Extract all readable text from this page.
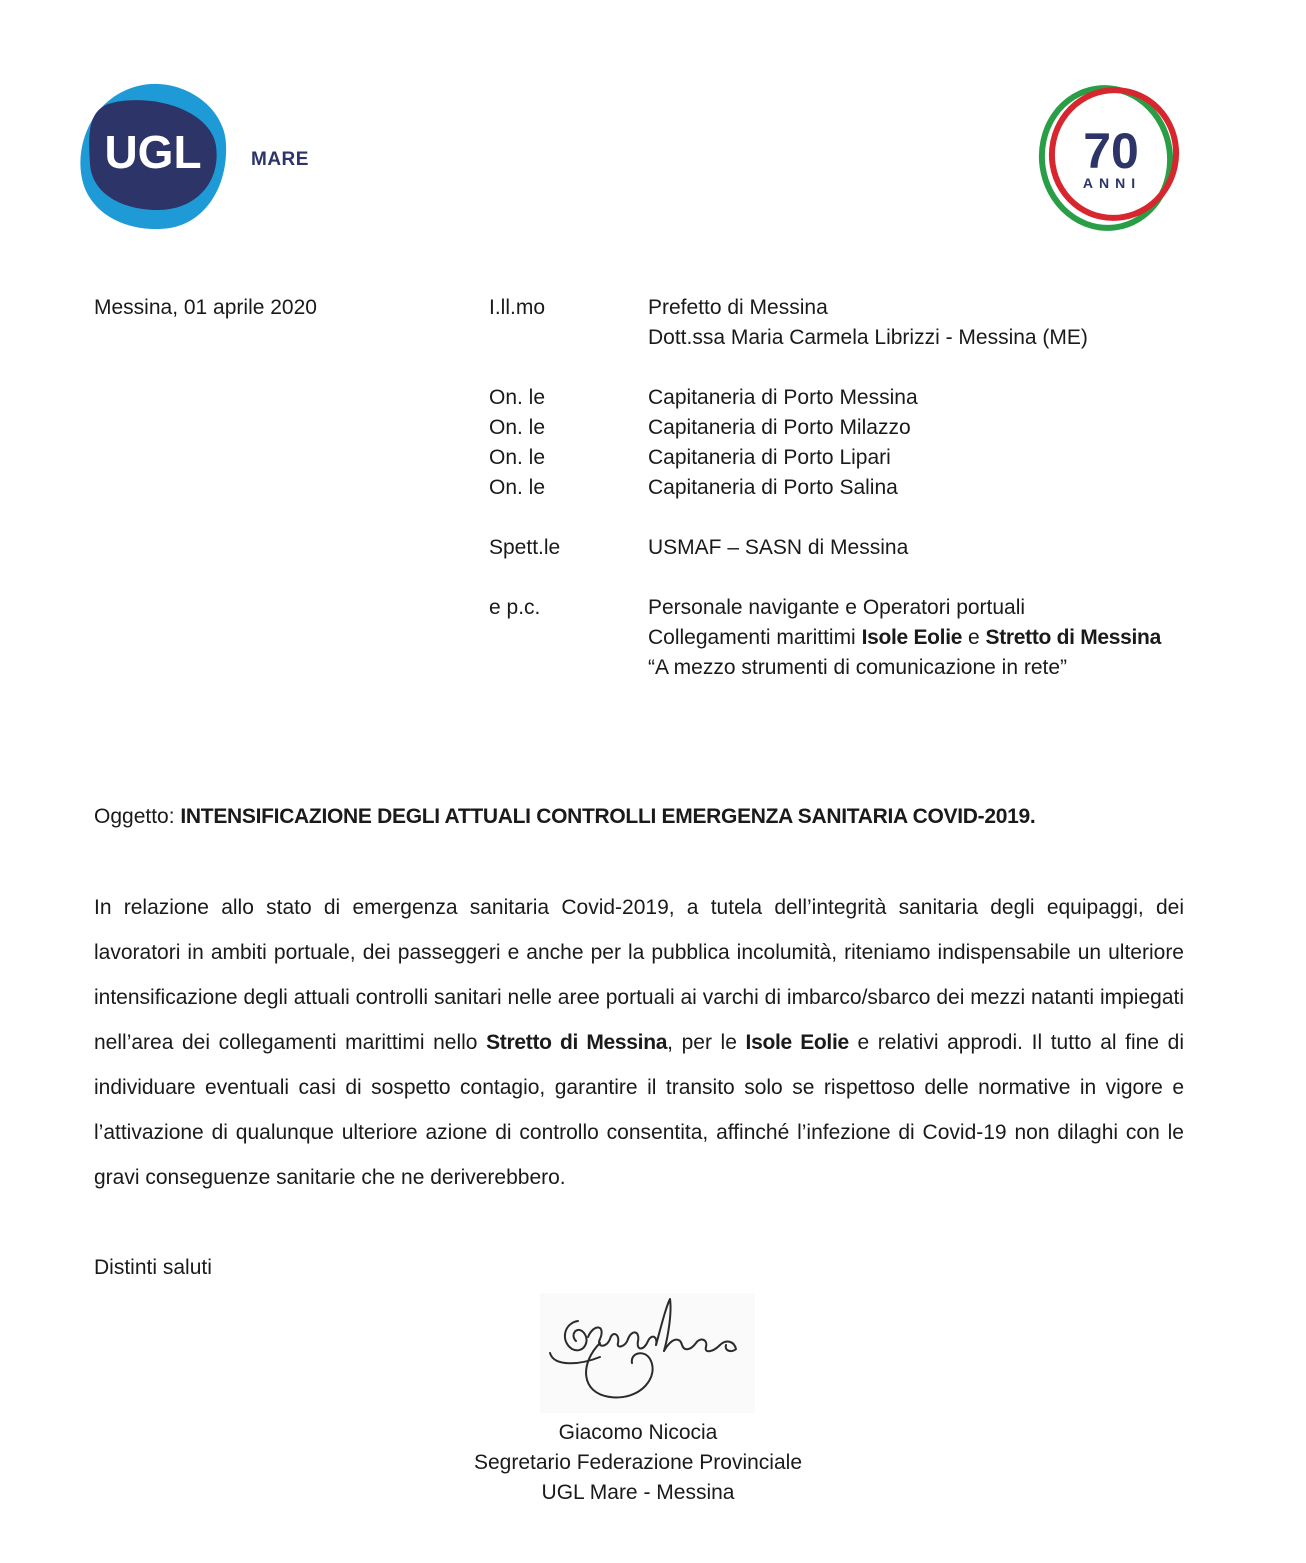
UGL	MARE	70
ANNI
Messina, 01 aprile 2020	I.ll.mo	Prefetto di Messina
Dott.ssa Maria Carmela Librizzi - Messina (ME)
On. le	Capitaneria di Porto Messina
On. le	Capitaneria di Porto Milazzo
On. le	Capitaneria di Porto Lipari
On. le	Capitaneria di Porto Salina
Spett.le	USMAF – SASN di Messina
e p.c.	Personale navigante e Operatori portuali
Collegamenti marittimi Isole Eolie e Stretto di Messina
“A mezzo strumenti di comunicazione in rete”
Oggetto: INTENSIFICAZIONE DEGLI ATTUALI CONTROLLI EMERGENZA SANITARIA COVID-2019.
In relazione allo stato di emergenza sanitaria Covid-2019, a tutela dell’integrità sanitaria degli equipaggi, dei lavoratori in ambiti portuale, dei passeggeri e anche per la pubblica incolumità, riteniamo indispensabile un ulteriore intensificazione degli attuali controlli sanitari nelle aree portuali ai varchi di imbarco/sbarco dei mezzi natanti impiegati nell’area dei collegamenti marittimi nello Stretto di Messina, per le Isole Eolie e relativi approdi. Il tutto al fine di individuare eventuali casi di sospetto contagio, garantire il transito solo se rispettoso delle normative in vigore e l’attivazione di qualunque ulteriore azione di controllo consentita, affinché l’infezione di Covid-19 non dilaghi con le gravi conseguenze sanitarie che ne deriverebbero.
Distinti saluti
Giacomo Nicocia
Segretario Federazione Provinciale
UGL Mare - Messina
